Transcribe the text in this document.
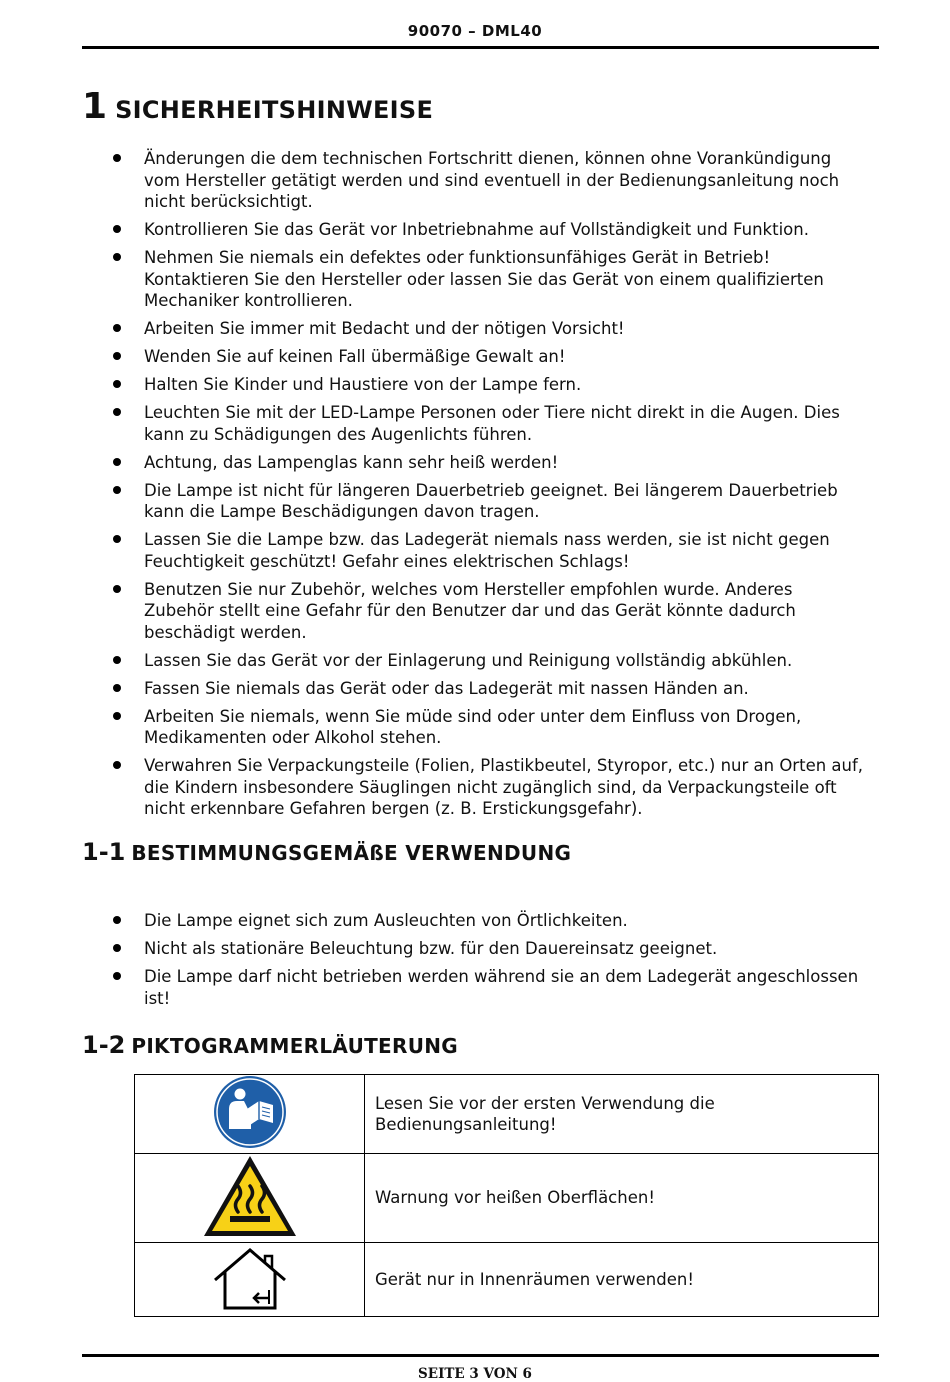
90070 – DML40
1 SICHERHEITSHINWEISE
Änderungen die dem technischen Fortschritt dienen, können ohne Vorankündigung vom Hersteller getätigt werden und sind eventuell in der Bedienungsanleitung noch nicht berücksichtigt.
Kontrollieren Sie das Gerät vor Inbetriebnahme auf Vollständigkeit und Funktion.
Nehmen Sie niemals ein defektes oder funktionsunfähiges Gerät in Betrieb! Kontaktieren Sie den Hersteller oder lassen Sie das Gerät von einem qualifizierten Mechaniker kontrollieren.
Arbeiten Sie immer mit Bedacht und der nötigen Vorsicht!
Wenden Sie auf keinen Fall übermäßige Gewalt an!
Halten Sie Kinder und Haustiere von der Lampe fern.
Leuchten Sie mit der LED-Lampe Personen oder Tiere nicht direkt in die Augen. Dies kann zu Schädigungen des Augenlichts führen.
Achtung, das Lampenglas kann sehr heiß werden!
Die Lampe ist nicht für längeren Dauerbetrieb geeignet. Bei längerem Dauerbetrieb kann die Lampe Beschädigungen davon tragen.
Lassen Sie die Lampe bzw. das Ladegerät niemals nass werden, sie ist nicht gegen Feuchtigkeit geschützt! Gefahr eines elektrischen Schlags!
Benutzen Sie nur Zubehör, welches vom Hersteller empfohlen wurde. Anderes Zubehör stellt eine Gefahr für den Benutzer dar und das Gerät könnte dadurch beschädigt werden.
Lassen Sie das Gerät vor der Einlagerung und Reinigung vollständig abkühlen.
Fassen Sie niemals das Gerät oder das Ladegerät mit nassen Händen an.
Arbeiten Sie niemals, wenn Sie müde sind oder unter dem Einfluss von Drogen, Medikamenten oder Alkohol stehen.
Verwahren Sie Verpackungsteile (Folien, Plastikbeutel, Styropor, etc.) nur an Orten auf, die Kindern insbesondere Säuglingen nicht zugänglich sind, da Verpackungsteile oft nicht erkennbare Gefahren bergen (z. B. Erstickungsgefahr).
1-1 BESTIMMUNGSGEMÄßE VERWENDUNG
Die Lampe eignet sich zum Ausleuchten von Örtlichkeiten.
Nicht als stationäre Beleuchtung bzw. für den Dauereinsatz geeignet.
Die Lampe darf nicht betrieben werden während sie an dem Ladegerät angeschlossen ist!
1-2 PIKTOGRAMMERLÄUTERUNG
	Lesen Sie vor der ersten Verwendung die Bedienungsanleitung!
	Warnung vor heißen Oberflächen!
	Gerät nur in Innenräumen verwenden!
SEITE 3 VON 6
